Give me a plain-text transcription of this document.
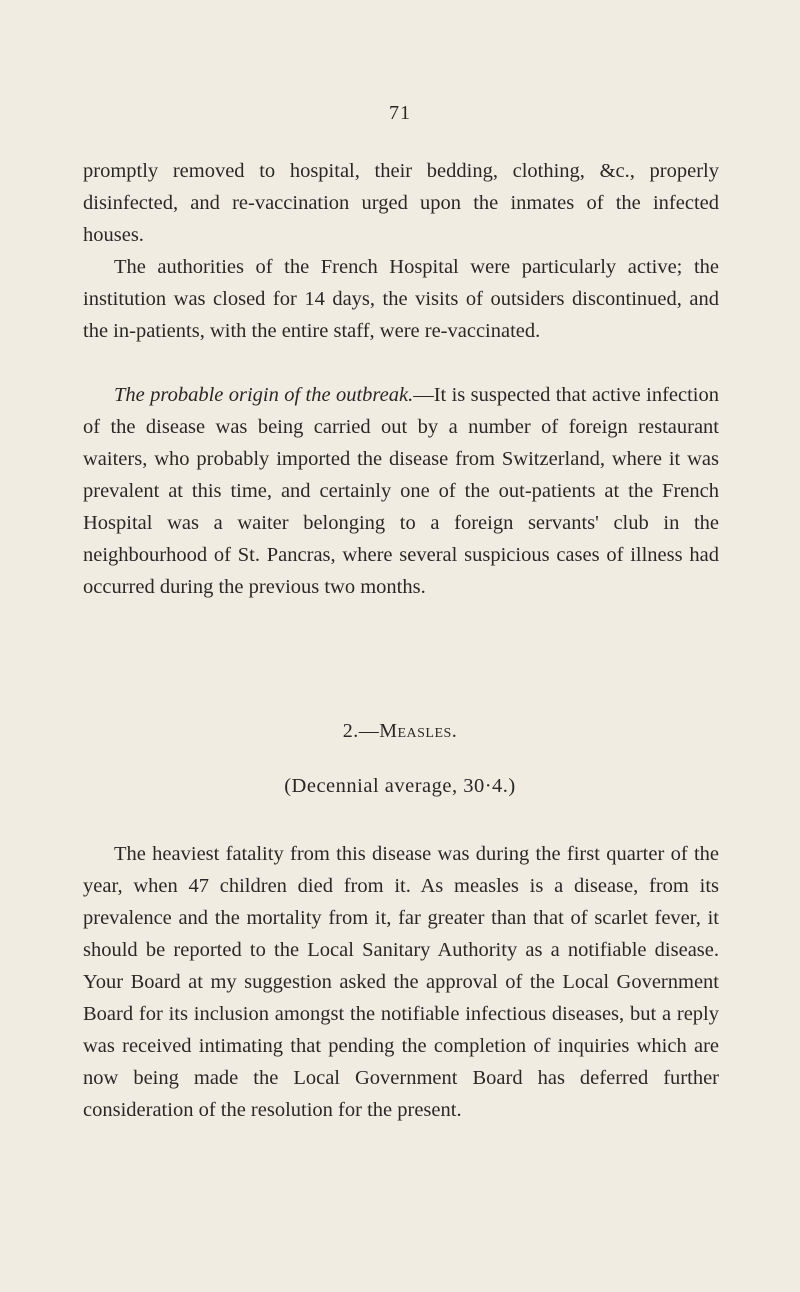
71

promptly removed to hospital, their bedding, clothing, &c., properly disinfected, and re-vaccination urged upon the inmates of the infected houses.

The authorities of the French Hospital were particularly active; the institution was closed for 14 days, the visits of outsiders discontinued, and the in-patients, with the entire staff, were re-vaccinated.

The probable origin of the outbreak.—It is suspected that active infection of the disease was being carried out by a number of foreign restaurant waiters, who probably imported the disease from Switzerland, where it was prevalent at this time, and certainly one of the out-patients at the French Hospital was a waiter belonging to a foreign servants' club in the neighbourhood of St. Pancras, where several suspicious cases of illness had occurred during the previous two months.

2.—Measles.
(Decennial average, 30·4.)

The heaviest fatality from this disease was during the first quarter of the year, when 47 children died from it. As measles is a disease, from its prevalence and the mortality from it, far greater than that of scarlet fever, it should be reported to the Local Sanitary Authority as a notifiable disease. Your Board at my suggestion asked the approval of the Local Government Board for its inclusion amongst the notifiable infectious diseases, but a reply was received intimating that pending the completion of inquiries which are now being made the Local Government Board has deferred further consideration of the resolution for the present.
